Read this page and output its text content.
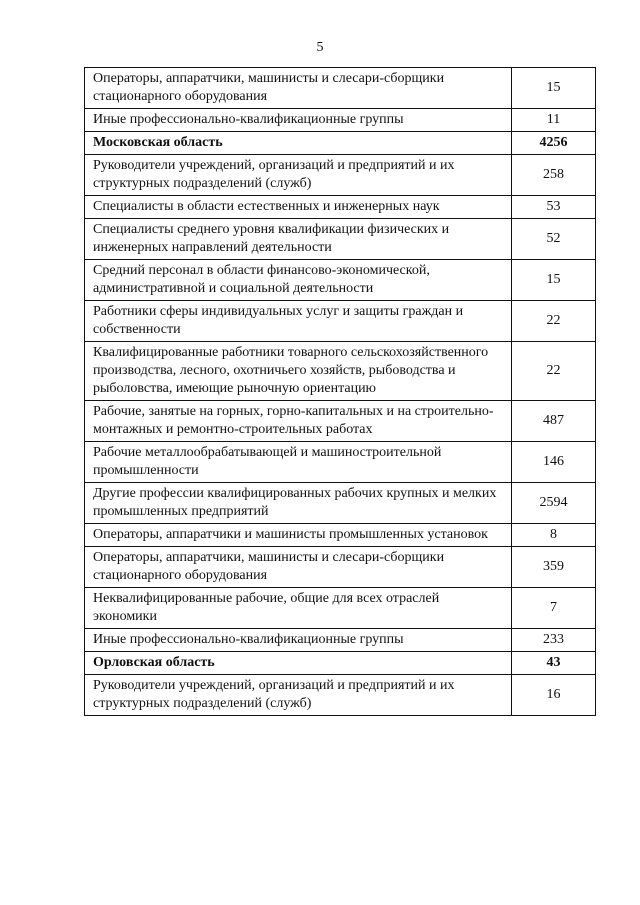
5
Операторы, аппаратчики, машинисты и слесари-сборщики стационарного оборудования	15
Иные профессионально-квалификационные группы	11
Московская область	4256
Руководители учреждений, организаций и предприятий и их структурных подразделений (служб)	258
Специалисты в области естественных и инженерных наук	53
Специалисты среднего уровня квалификации физических и инженерных направлений деятельности	52
Средний персонал в области финансово-экономической, административной и социальной деятельности	15
Работники сферы индивидуальных услуг и защиты граждан и собственности	22
Квалифицированные работники товарного сельскохозяйственного производства, лесного, охотничьего хозяйств, рыбоводства и рыболовства, имеющие рыночную ориентацию	22
Рабочие, занятые на горных, горно-капитальных и на строительно-монтажных и ремонтно-строительных работах	487
Рабочие металлообрабатывающей и машиностроительной промышленности	146
Другие профессии квалифицированных рабочих крупных и мелких промышленных предприятий	2594
Операторы, аппаратчики и машинисты промышленных установок	8
Операторы, аппаратчики, машинисты и слесари-сборщики стационарного оборудования	359
Неквалифицированные рабочие, общие для всех отраслей экономики	7
Иные профессионально-квалификационные группы	233
Орловская область	43
Руководители учреждений, организаций и предприятий и их структурных подразделений (служб)	16
